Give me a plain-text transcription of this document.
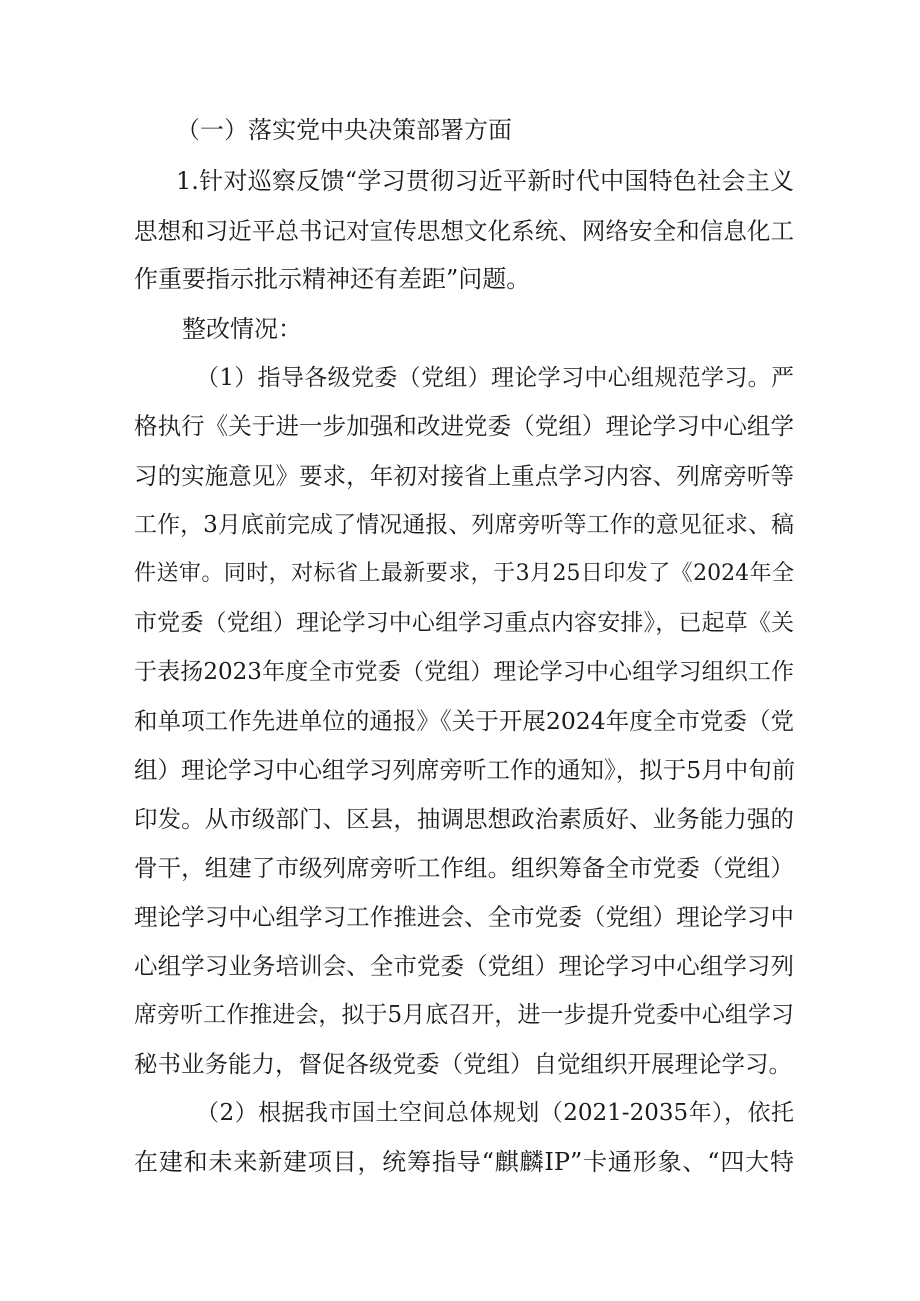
（一）落实党中央决策部署方面
1.针对巡察反馈“学习贯彻习近平新时代中国特色社会主义
思想和习近平总书记对宣传思想文化系统、网络安全和信息化工
作重要指示批示精神还有差距”问题。
整改情况：
（1）指导各级党委（党组）理论学习中心组规范学习。严
格执行《关于进一步加强和改进党委（党组）理论学习中心组学
习的实施意见》要求，年初对接省上重点学习内容、列席旁听等
工作，3月底前完成了情况通报、列席旁听等工作的意见征求、稿
件送审。同时，对标省上最新要求，于3月25日印发了《2024年全
市党委（党组）理论学习中心组学习重点内容安排》，已起草《关
于表扬2023年度全市党委（党组）理论学习中心组学习组织工作
和单项工作先进单位的通报》《关于开展2024年度全市党委（党
组）理论学习中心组学习列席旁听工作的通知》，拟于5月中旬前
印发。从市级部门、区县，抽调思想政治素质好、业务能力强的
骨干，组建了市级列席旁听工作组。组织筹备全市党委（党组）
理论学习中心组学习工作推进会、全市党委（党组）理论学习中
心组学习业务培训会、全市党委（党组）理论学习中心组学习列
席旁听工作推进会，拟于5月底召开，进一步提升党委中心组学习
秘书业务能力，督促各级党委（党组）自觉组织开展理论学习。
（2）根据我市国土空间总体规划（2021-2035年），依托
在建和未来新建项目，统筹指导“麒麟IP”卡通形象、“四大特
